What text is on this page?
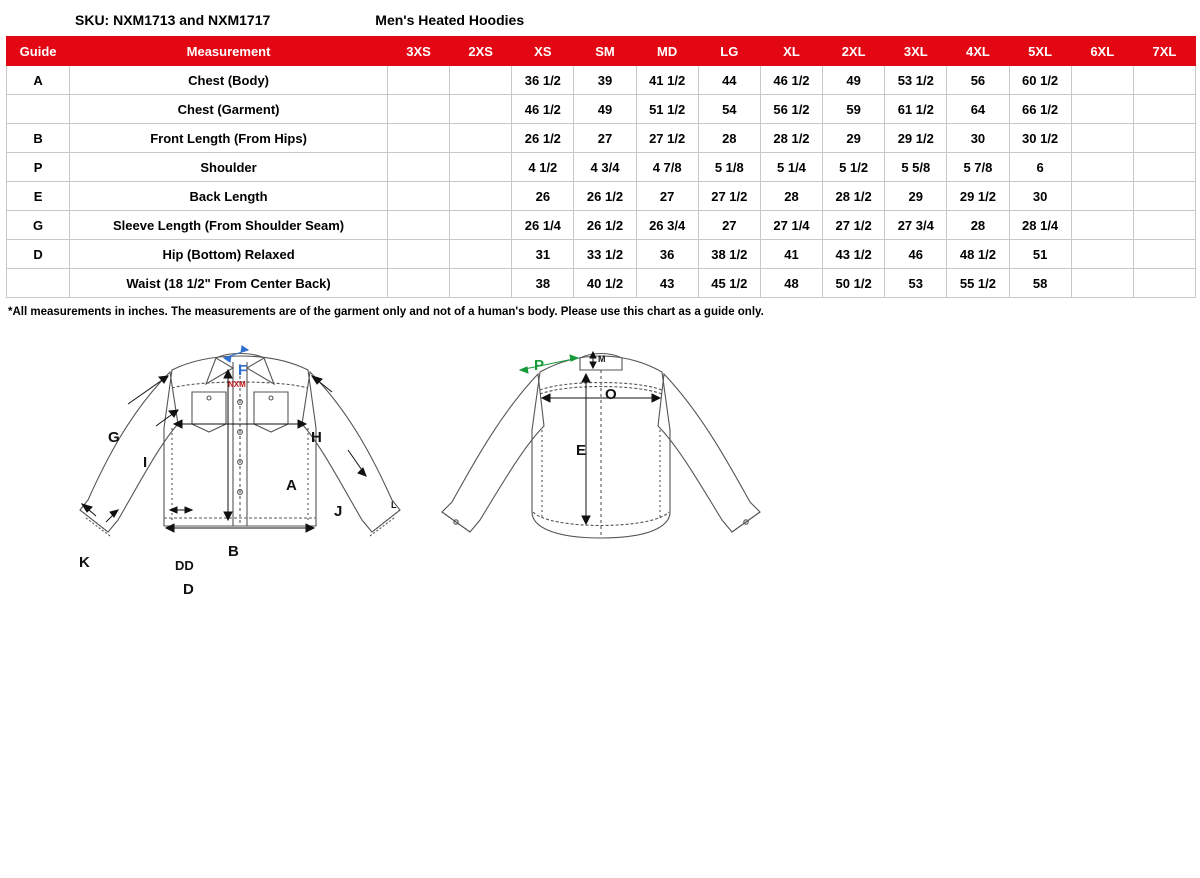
SKU: NXM1713 and NXM1717	Men's Heated Hoodies
Guide	Measurement	3XS	2XS	XS	SM	MD	LG	XL	2XL	3XL	4XL	5XL	6XL	7XL
A	Chest (Body)			36 1/2	39	41 1/2	44	46 1/2	49	53 1/2	56	60 1/2		
	Chest (Garment)			46 1/2	49	51 1/2	54	56 1/2	59	61 1/2	64	66 1/2		
B	Front Length (From Hips)			26 1/2	27	27 1/2	28	28 1/2	29	29 1/2	30	30 1/2		
P	Shoulder			4 1/2	4 3/4	4 7/8	5 1/8	5 1/4	5 1/2	5 5/8	5 7/8	6		
E	Back Length			26	26 1/2	27	27 1/2	28	28 1/2	29	29 1/2	30		
G	Sleeve Length (From Shoulder Seam)			26 1/4	26 1/2	26 3/4	27	27 1/4	27 1/2	27 3/4	28	28 1/4		
D	Hip (Bottom) Relaxed			31	33 1/2	36	38 1/2	41	43 1/2	46	48 1/2	51		
	Waist (18 1/2" From Center Back)			38	40 1/2	43	45 1/2	48	50 1/2	53	55 1/2	58		
*All measurements in inches. The measurements are of the garment only and not of a human's body. Please use this chart as a guide only.
G
I
A
B
K	DD
D
H
J
F
NXM
L
P	M
O
E
